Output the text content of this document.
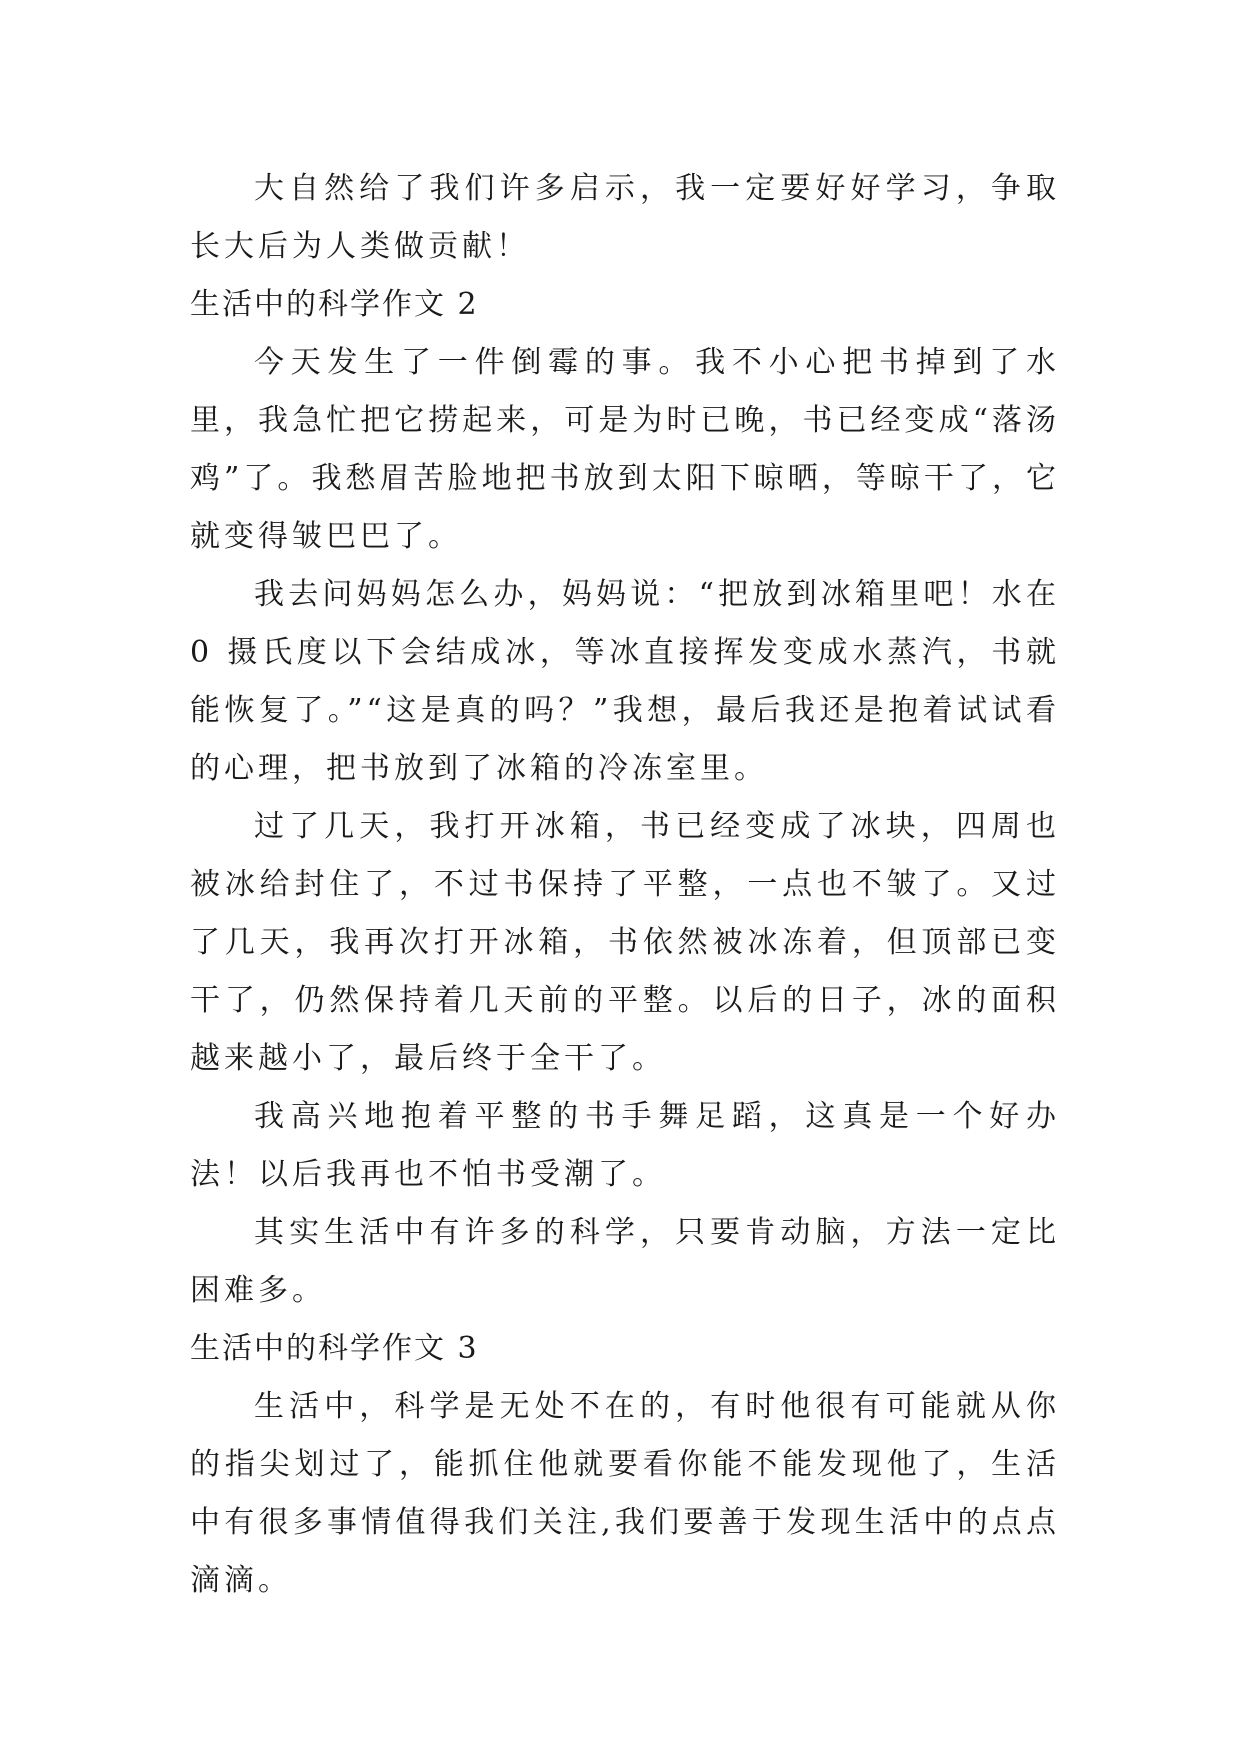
大自然给了我们许多启示，我一定要好好学习，争取长大后为人类做贡献！

生活中的科学作文 2

今天发生了一件倒霉的事。我不小心把书掉到了水里，我急忙把它捞起来，可是为时已晚，书已经变成“落汤鸡”了。我愁眉苦脸地把书放到太阳下晾晒，等晾干了，它就变得皱巴巴了。

我去问妈妈怎么办，妈妈说：“把放到冰箱里吧！水在 0 摄氏度以下会结成冰，等冰直接挥发变成水蒸汽，书就能恢复了。”“这是真的吗？”我想，最后我还是抱着试试看的心理，把书放到了冰箱的冷冻室里。

过了几天，我打开冰箱，书已经变成了冰块，四周也被冰给封住了，不过书保持了平整，一点也不皱了。又过了几天，我再次打开冰箱，书依然被冰冻着，但顶部已变干了，仍然保持着几天前的平整。以后的日子，冰的面积越来越小了，最后终于全干了。

我高兴地抱着平整的书手舞足蹈，这真是一个好办法！以后我再也不怕书受潮了。

其实生活中有许多的科学，只要肯动脑，方法一定比困难多。

生活中的科学作文 3

生活中，科学是无处不在的，有时他很有可能就从你的指尖划过了，能抓住他就要看你能不能发现他了，生活中有很多事情值得我们关注,我们要善于发现生活中的点点滴滴。
